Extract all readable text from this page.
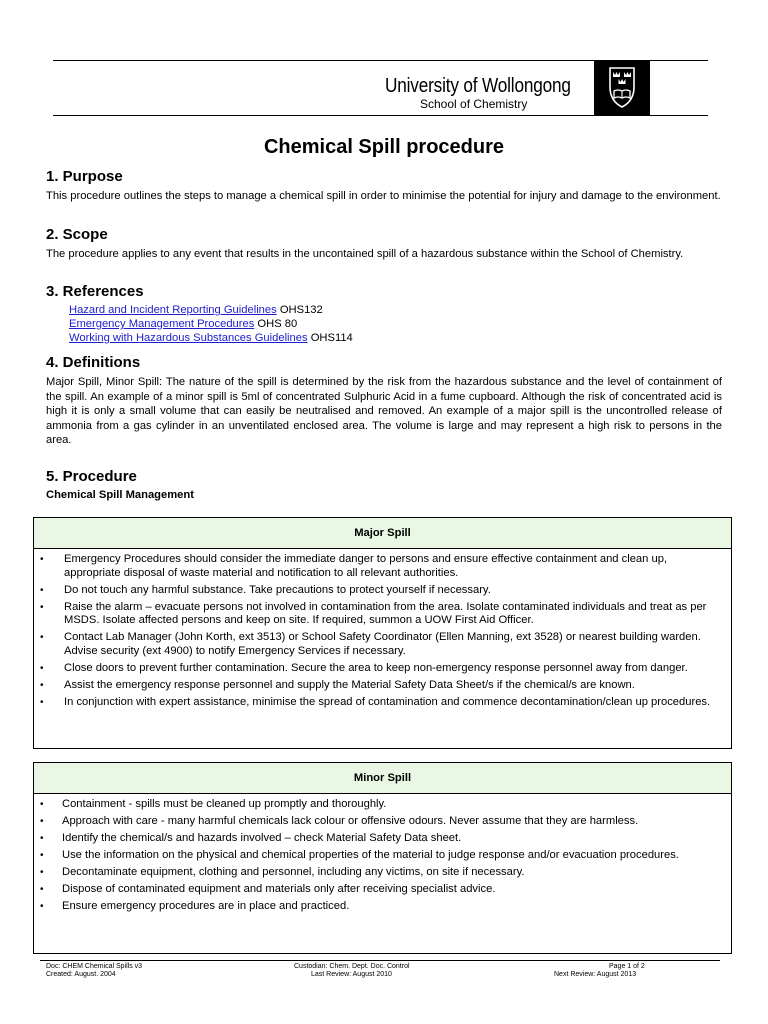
University of Wollongong
School of Chemistry
Chemical Spill procedure
1. Purpose
This procedure outlines the steps to manage a chemical spill in order to minimise the potential for injury and damage to the environment.
2. Scope
The procedure applies to any event that results in the uncontained spill of a hazardous substance within the School of Chemistry.
3. References
Hazard and Incident Reporting Guidelines OHS132
Emergency Management Procedures OHS 80
Working with Hazardous Substances Guidelines OHS114
4. Definitions
Major Spill, Minor Spill: The nature of the spill is determined by the risk from the hazardous substance and the level of containment of the spill. An example of a minor spill is 5ml of concentrated Sulphuric Acid in a fume cupboard. Although the risk of concentrated acid is high it is only a small volume that can easily be neutralised and removed. An example of a major spill is the uncontrolled release of ammonia from a gas cylinder in an unventilated enclosed area. The volume is large and may represent a high risk to persons in the area.
5. Procedure
Chemical Spill Management
Major Spill
• Emergency Procedures should consider the immediate danger to persons and ensure effective containment and clean up, appropriate disposal of waste material and notification to all relevant authorities.
• Do not touch any harmful substance. Take precautions to protect yourself if necessary.
• Raise the alarm – evacuate persons not involved in contamination from the area. Isolate contaminated individuals and treat as per MSDS. Isolate affected persons and keep on site. If required, summon a UOW First Aid Officer.
• Contact Lab Manager (John Korth, ext 3513) or School Safety Coordinator (Ellen Manning, ext 3528) or nearest building warden. Advise security (ext 4900) to notify Emergency Services if necessary.
• Close doors to prevent further contamination. Secure the area to keep non-emergency response personnel away from danger.
• Assist the emergency response personnel and supply the Material Safety Data Sheet/s if the chemical/s are known.
• In conjunction with expert assistance, minimise the spread of contamination and commence decontamination/clean up procedures.
Minor Spill
• Containment - spills must be cleaned up promptly and thoroughly.
• Approach with care - many harmful chemicals lack colour or offensive odours. Never assume that they are harmless.
• Identify the chemical/s and hazards involved – check Material Safety Data sheet.
• Use the information on the physical and chemical properties of the material to judge response and/or evacuation procedures.
• Decontaminate equipment, clothing and personnel, including any victims, on site if necessary.
• Dispose of contaminated equipment and materials only after receiving specialist advice.
• Ensure emergency procedures are in place and practiced.
Doc: CHEM Chemical Spills v3
Created: August. 2004
Custodian: Chem. Dept. Doc. Control
Last Review: August 2010
Page 1 of 2
Next Review: August 2013
